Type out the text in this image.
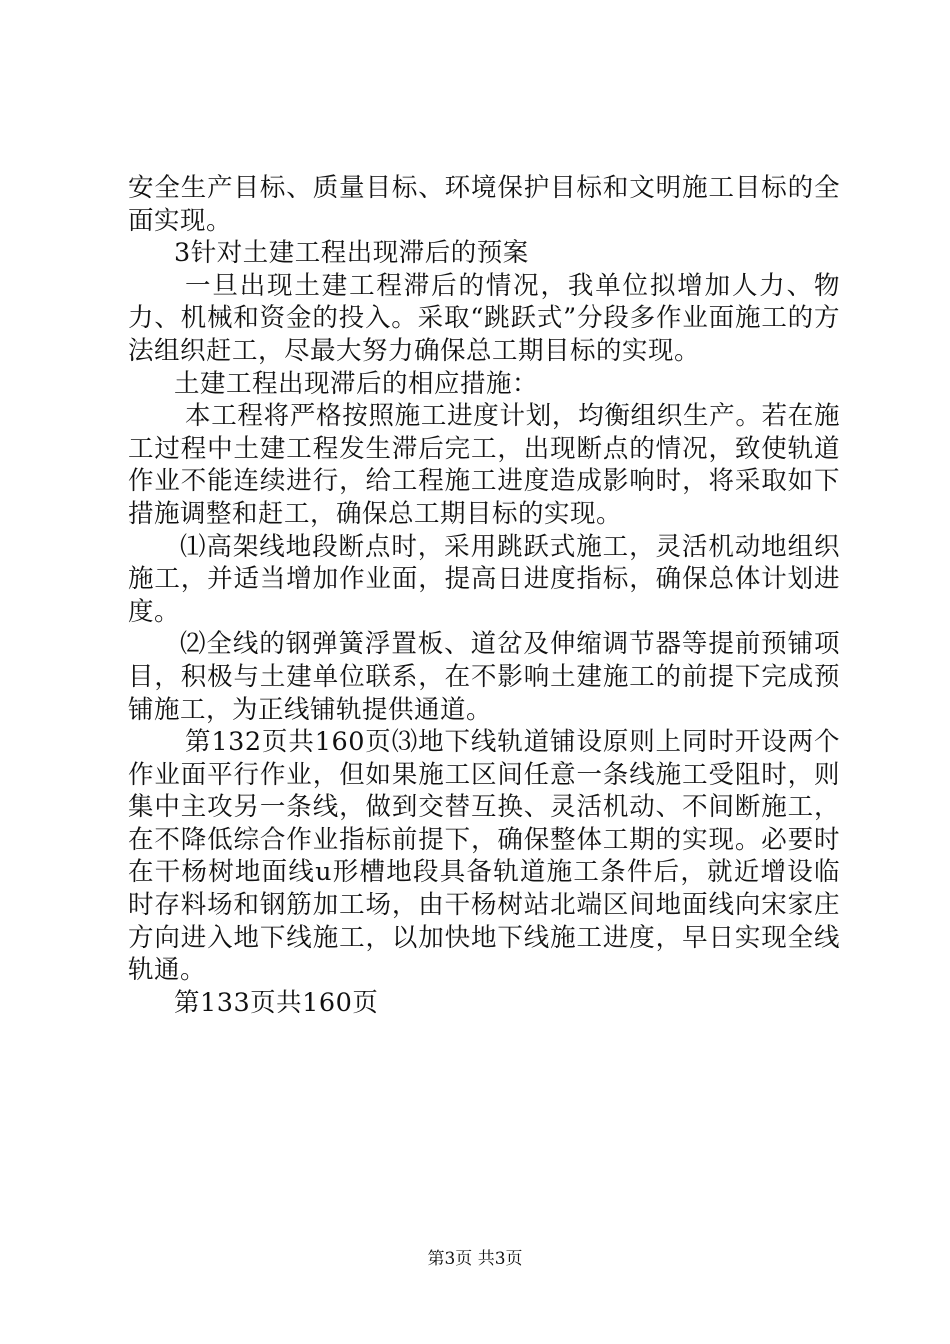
安全生产目标、质量目标、环境保护目标和文明施工目标的全面实现。

3针对土建工程出现滞后的预案

一旦出现土建工程滞后的情况，我单位拟增加人力、物力、机械和资金的投入。采取“跳跃式”分段多作业面施工的方法组织赶工，尽最大努力确保总工期目标的实现。

土建工程出现滞后的相应措施：

本工程将严格按照施工进度计划，均衡组织生产。若在施工过程中土建工程发生滞后完工，出现断点的情况，致使轨道作业不能连续进行，给工程施工进度造成影响时，将采取如下措施调整和赶工，确保总工期目标的实现。

⑴高架线地段断点时，采用跳跃式施工，灵活机动地组织施工，并适当增加作业面，提高日进度指标，确保总体计划进度。

⑵全线的钢弹簧浮置板、道岔及伸缩调节器等提前预铺项目，积极与土建单位联系，在不影响土建施工的前提下完成预铺施工，为正线铺轨提供通道。

第132页共160页⑶地下线轨道铺设原则上同时开设两个作业面平行作业，但如果施工区间任意一条线施工受阻时，则集中主攻另一条线，做到交替互换、灵活机动、不间断施工，在不降低综合作业指标前提下，确保整体工期的实现。必要时在干杨树地面线u形槽地段具备轨道施工条件后，就近增设临时存料场和钢筋加工场，由干杨树站北端区间地面线向宋家庄方向进入地下线施工，以加快地下线施工进度，早日实现全线轨通。

第133页共160页

第3页 共3页
